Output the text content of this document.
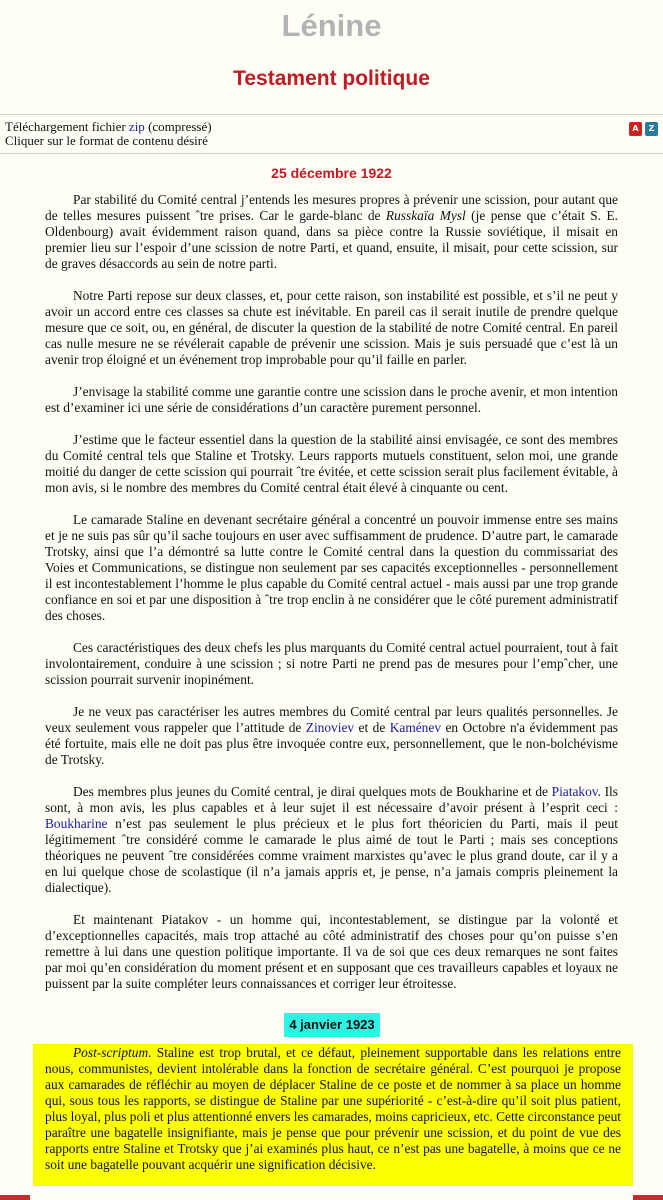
Lénine
Testament politique
Téléchargement fichier zip (compressé)
Cliquer sur le format de contenu désiré
A	Z
25 décembre 1922

Par stabilité du Comité central j’entends les mesures propres à prévenir une scission, pour autant que de telles mesures puissent ˆtre prises. Car le garde-blanc de Russkaïa Mysl (je pense que c’était S. E. Oldenbourg) avait évidemment raison quand, dans sa pièce contre la Russie soviétique, il misait en premier lieu sur l’espoir d’une scission de notre Parti, et quand, ensuite, il misait, pour cette scission, sur de graves désaccords au sein de notre parti.

Notre Parti repose sur deux classes, et, pour cette raison, son instabilité est possible, et s’il ne peut y avoir un accord entre ces classes sa chute est inévitable. En pareil cas il serait inutile de prendre quelque mesure que ce soit, ou, en général, de discuter la question de la stabilité de notre Comité central. En pareil cas nulle mesure ne se révélerait capable de prévenir une scission. Mais je suis persuadé que c’est là un avenir trop éloigné et un événement trop improbable pour qu’il faille en parler.

J’envisage la stabilité comme une garantie contre une scission dans le proche avenir, et mon intention est d’examiner ici une série de considérations d’un caractère purement personnel.

J’estime que le facteur essentiel dans la question de la stabilité ainsi envisagée, ce sont des membres du Comité central tels que Staline et Trotsky. Leurs rapports mutuels constituent, selon moi, une grande moitié du danger de cette scission qui pourrait ˆtre évitée, et cette scission serait plus facilement évitable, à mon avis, si le nombre des membres du Comité central était élevé à cinquante ou cent.

Le camarade Staline en devenant secrétaire général a concentré un pouvoir immense entre ses mains et je ne suis pas sûr qu’il sache toujours en user avec suffisamment de prudence. D’autre part, le camarade Trotsky, ainsi que l’a démontré sa lutte contre le Comité central dans la question du commissariat des Voies et Communications, se distingue non seulement par ses capacités exceptionnelles - personnellement il est incontestablement l’homme le plus capable du Comité central actuel - mais aussi par une trop grande confiance en soi et par une disposition à ˆtre trop enclin à ne considérer que le côté purement administratif des choses.

Ces caractéristiques des deux chefs les plus marquants du Comité central actuel pourraient, tout à fait involontairement, conduire à une scission ; si notre Parti ne prend pas de mesures pour l’empˆcher, une scission pourrait survenir inopinément.

Je ne veux pas caractériser les autres membres du Comité central par leurs qualités personnelles. Je veux seulement vous rappeler que l’attitude de Zinoviev et de Kaménev en Octobre n'a évidemment pas été fortuite, mais elle ne doit pas plus être invoquée contre eux, personnellement, que le non-bolchévisme de Trotsky.

Des membres plus jeunes du Comité central, je dirai quelques mots de Boukharine et de Piatakov. Ils sont, à mon avis, les plus capables et à leur sujet il est nécessaire d’avoir présent à l’esprit ceci : Boukharine n’est pas seulement le plus précieux et le plus fort théoricien du Parti, mais il peut légitimement ˆtre considéré comme le camarade le plus aimé de tout le Parti ; mais ses conceptions théoriques ne peuvent ˆtre considérées comme vraiment marxistes qu’avec le plus grand doute, car il y a en lui quelque chose de scolastique (il n’a jamais appris et, je pense, n’a jamais compris pleinement la dialectique).

Et maintenant Piatakov - un homme qui, incontestablement, se distingue par la volonté et d’exceptionnelles capacités, mais trop attaché au côté administratif des choses pour qu’on puisse s’en remettre à lui dans une question politique importante. Il va de soi que ces deux remarques ne sont faites par moi qu’en considération du moment présent et en supposant que ces travailleurs capables et loyaux ne puissent par la suite compléter leurs connaissances et corriger leur étroitesse.

4 janvier 1923

Post-scriptum. Staline est trop brutal, et ce défaut, pleinement supportable dans les relations entre nous, communistes, devient intolérable dans la fonction de secrétaire général. C’est pourquoi je propose aux camarades de réfléchir au moyen de déplacer Staline de ce poste et de nommer à sa place un homme qui, sous tous les rapports, se distingue de Staline par une supériorité - c’est-à-dire qu’il soit plus patient, plus loyal, plus poli et plus attentionné envers les camarades, moins capricieux, etc. Cette circonstance peut paraître une bagatelle insignifiante, mais je pense que pour prévenir une scission, et du point de vue des rapports entre Staline et Trotsky que j’ai examinés plus haut, ce n’est pas une bagatelle, à moins que ce ne soit une bagatelle pouvant acquérir une signification décisive.
